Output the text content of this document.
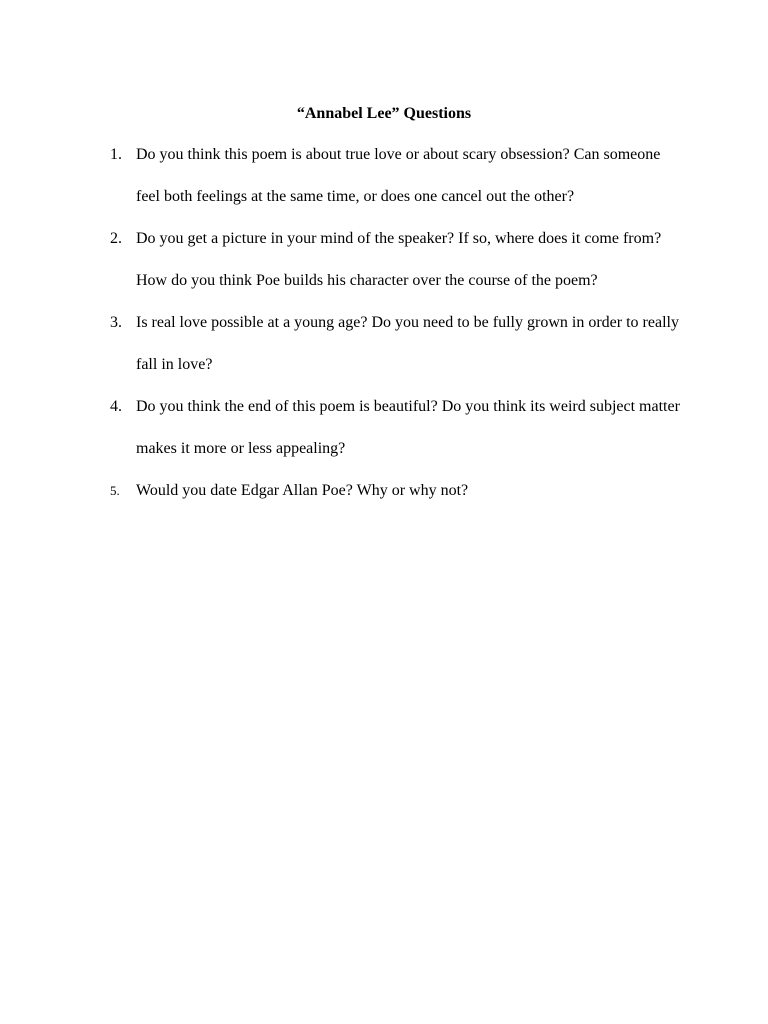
“Annabel Lee” Questions
1. Do you think this poem is about true love or about scary obsession? Can someone feel both feelings at the same time, or does one cancel out the other?
2. Do you get a picture in your mind of the speaker? If so, where does it come from? How do you think Poe builds his character over the course of the poem?
3. Is real love possible at a young age? Do you need to be fully grown in order to really fall in love?
4. Do you think the end of this poem is beautiful? Do you think its weird subject matter makes it more or less appealing?
5.	Would you date Edgar Allan Poe? Why or why not?
